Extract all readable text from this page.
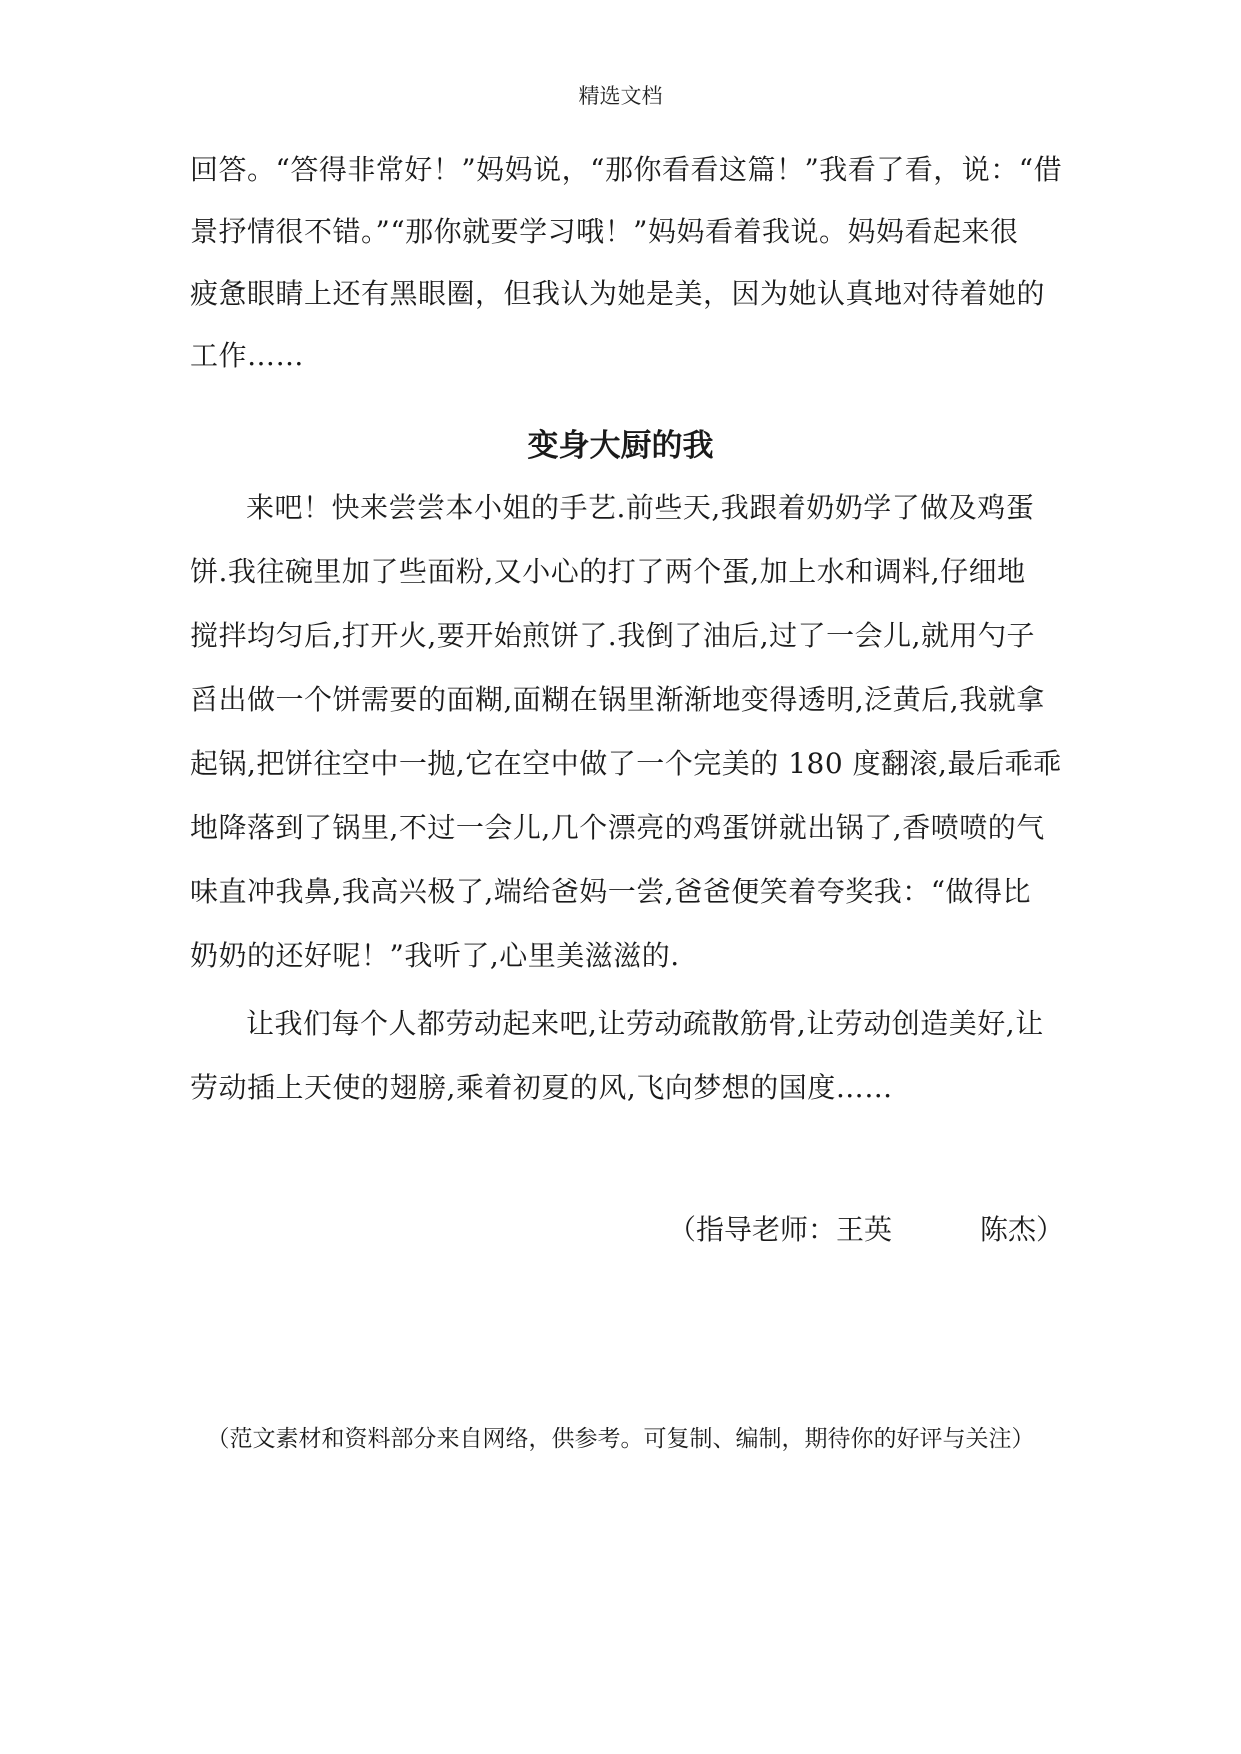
精选文档
回答。“答得非常好！”妈妈说，“那你看看这篇！”我看了看，说：“借
景抒情很不错。”“那你就要学习哦！”妈妈看着我说。妈妈看起来很
疲惫眼睛上还有黑眼圈，但我认为她是美，因为她认真地对待着她的
工作……
变身大厨的我
来吧！快来尝尝本小姐的手艺.前些天,我跟着奶奶学了做及鸡蛋
饼.我往碗里加了些面粉,又小心的打了两个蛋,加上水和调料,仔细地
搅拌均匀后,打开火,要开始煎饼了.我倒了油后,过了一会儿,就用勺子
舀出做一个饼需要的面糊,面糊在锅里渐渐地变得透明,泛黄后,我就拿
起锅,把饼往空中一抛,它在空中做了一个完美的 180 度翻滚,最后乖乖
地降落到了锅里,不过一会儿,几个漂亮的鸡蛋饼就出锅了,香喷喷的气
味直冲我鼻,我高兴极了,端给爸妈一尝,爸爸便笑着夸奖我：“做得比
奶奶的还好呢！”我听了,心里美滋滋的.
让我们每个人都劳动起来吧,让劳动疏散筋骨,让劳动创造美好,让
劳动插上天使的翅膀,乘着初夏的风,飞向梦想的国度……
（指导老师：王英	陈杰）
（范文素材和资料部分来自网络，供参考。可复制、编制，期待你的好评与关注）
